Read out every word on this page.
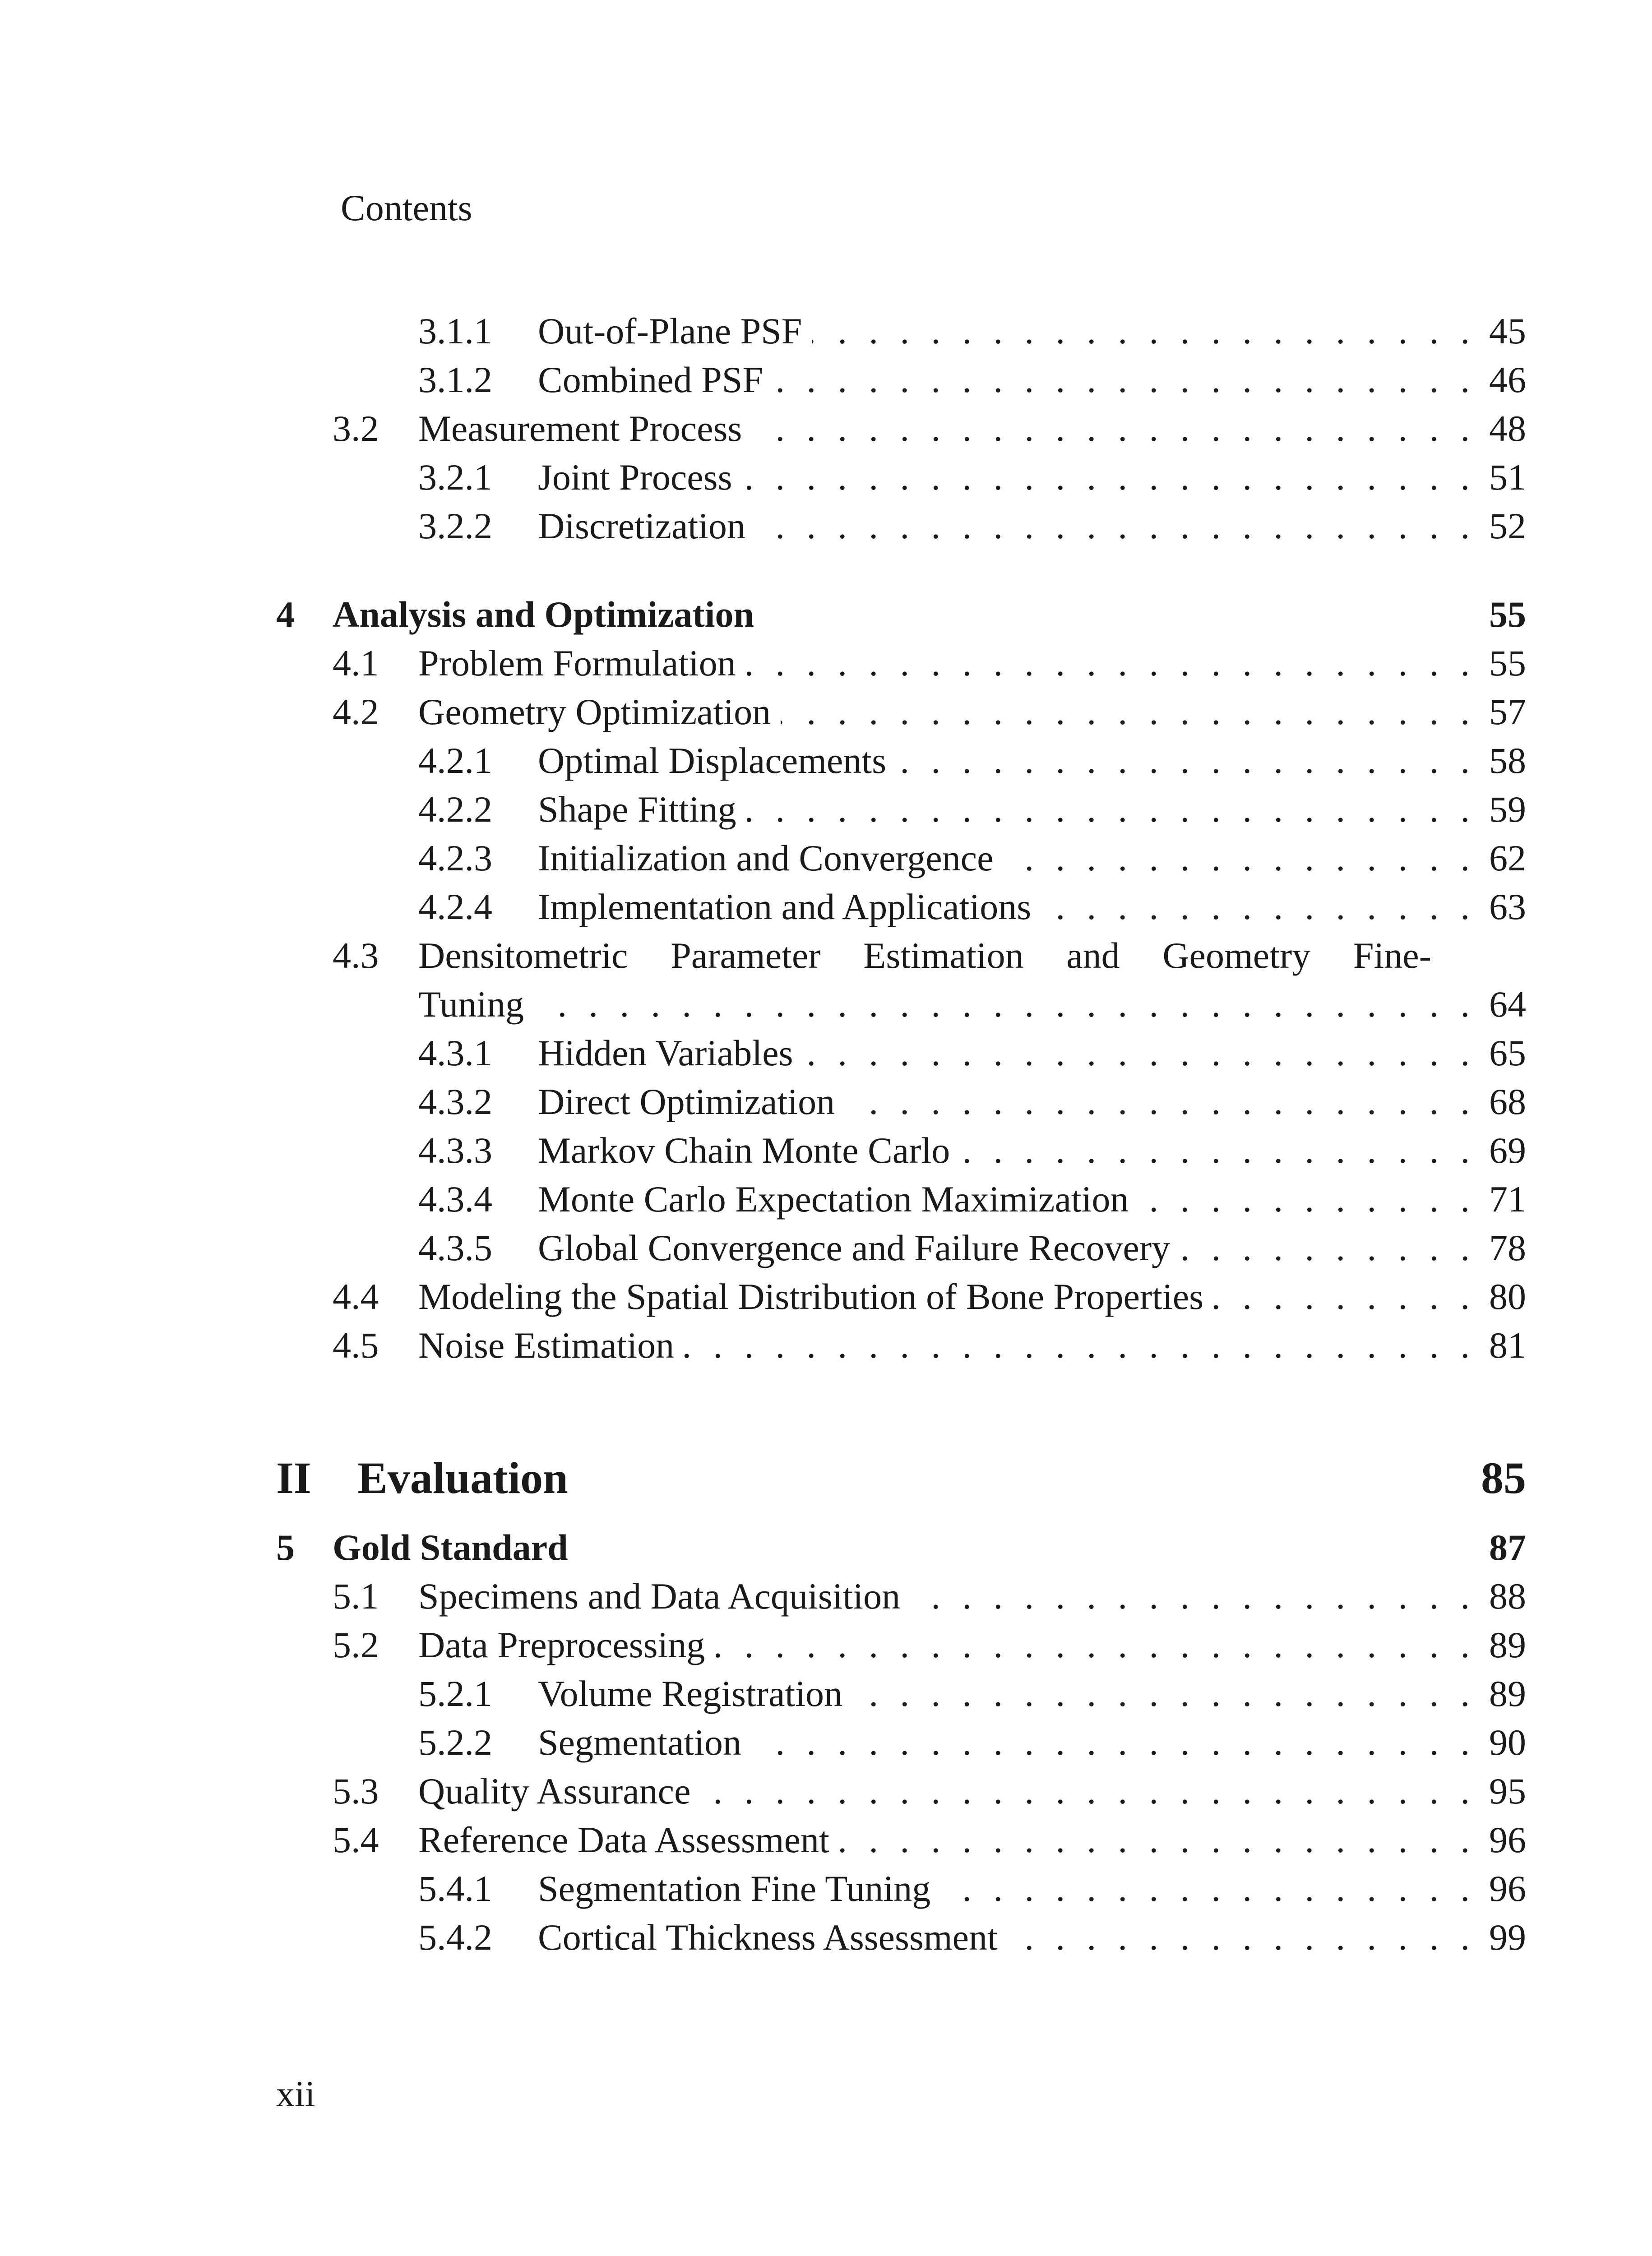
Contents
3.1.1	Out-of-Plane PSF . . .	45
3.1.2	Combined PSF . . .	46
3.2	Measurement Process . . .	48
3.2.1	Joint Process . . .	51
3.2.2	Discretization . . .	52
4	Analysis and Optimization	55
4.1	Problem Formulation . . .	55
4.2	Geometry Optimization . . .	57
4.2.1	Optimal Displacements . . .	58
4.2.2	Shape Fitting . . .	59
4.2.3	Initialization and Convergence . . .	62
4.2.4	Implementation and Applications . . .	63
4.3	Densitometric Parameter Estimation and Geometry Fine-
Tuning . . .	64
4.3.1	Hidden Variables . . .	65
4.3.2	Direct Optimization . . .	68
4.3.3	Markov Chain Monte Carlo . . .	69
4.3.4	Monte Carlo Expectation Maximization . . .	71
4.3.5	Global Convergence and Failure Recovery . . .	78
4.4	Modeling the Spatial Distribution of Bone Properties . . .	80
4.5	Noise Estimation . . .	81
II	Evaluation	85
5	Gold Standard	87
5.1	Specimens and Data Acquisition . . .	88
5.2	Data Preprocessing . . .	89
5.2.1	Volume Registration . . .	89
5.2.2	Segmentation . . .	90
5.3	Quality Assurance . . .	95
5.4	Reference Data Assessment . . .	96
5.4.1	Segmentation Fine Tuning . . .	96
5.4.2	Cortical Thickness Assessment . . .	99
xii
